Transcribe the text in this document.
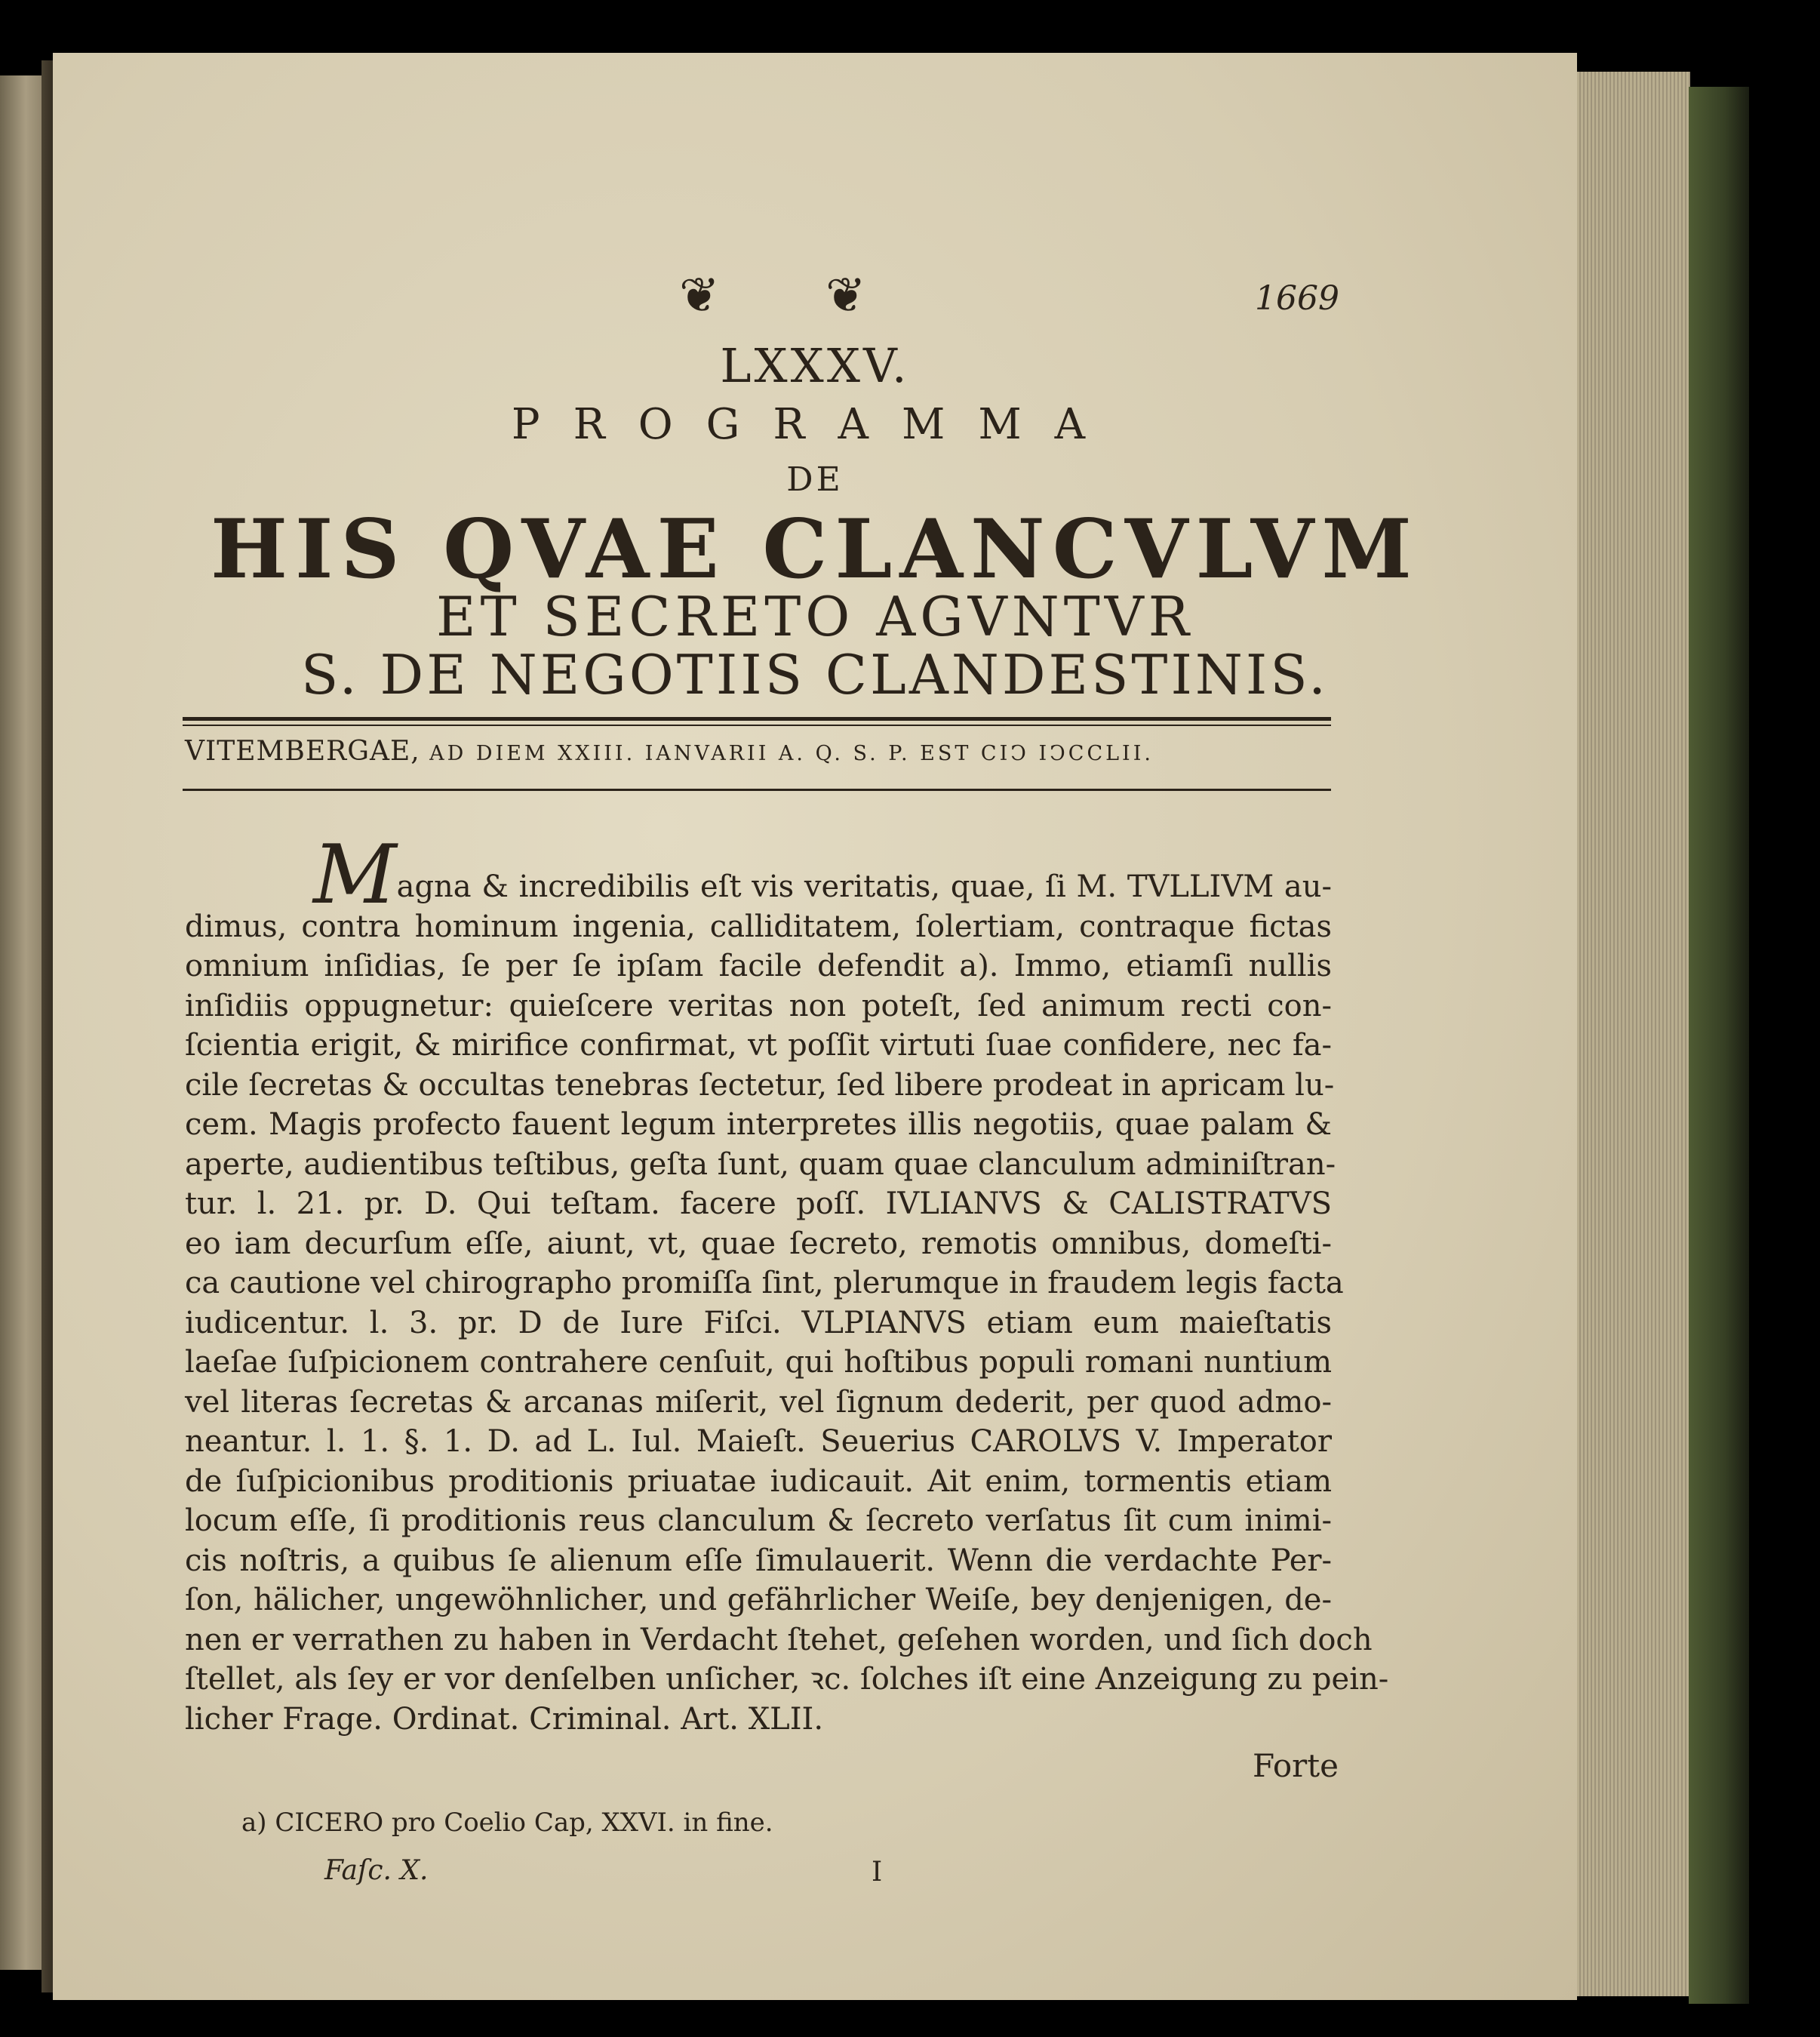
❦ ❦	1669
LXXXV.
PROGRAMMA
DE
HIS QVAE CLANCVLVM
ET SECRETO AGVNTVR
S. DE NEGOTIIS CLANDESTINIS.
VITEMBERGAE, AD DIEM XXIII. IANVARII A. Q. S. P. EST CIↃ IↃCCLII.
Magna & incredibilis eſt vis veritatis, quae, ſi M. TVLLIVM au-
dimus, contra hominum ingenia, calliditatem, ſolertiam, contraque fictas
omnium inſidias, ſe per ſe ipſam facile defendit a). Immo, etiamſi nullis
inſidiis oppugnetur: quieſcere veritas non poteſt, ſed animum recti con-
ſcientia erigit, & mirifice confirmat, vt poſſit virtuti ſuae confidere, nec fa-
cile ſecretas & occultas tenebras ſectetur, ſed libere prodeat in apricam lu-
cem. Magis profecto fauent legum interpretes illis negotiis, quae palam &
aperte, audientibus teſtibus, geſta ſunt, quam quae clanculum adminiſtran-
tur. l. 21. pr. D. Qui teſtam. facere poſſ. IVLIANVS & CALISTRATVS
eo iam decurſum eſſe, aiunt, vt, quae ſecreto, remotis omnibus, domeſti-
ca cautione vel chirographo promiſſa ſint, plerumque in fraudem legis facta
iudicentur. l. 3. pr. D de Iure Fiſci. VLPIANVS etiam eum maieſtatis
laeſae ſuſpicionem contrahere cenſuit, qui hoſtibus populi romani nuntium
vel literas ſecretas & arcanas miſerit, vel ſignum dederit, per quod admo-
neantur. l. 1. §. 1. D. ad L. Iul. Maieſt. Seuerius CAROLVS V. Imperator
de ſuſpicionibus proditionis priuatae iudicauit. Ait enim, tormentis etiam
locum eſſe, ſi proditionis reus clanculum & ſecreto verſatus ſit cum inimi-
cis noſtris, a quibus ſe alienum eſſe ſimulauerit. Wenn die verdachte Per-
ſon, hälicher, ungewöhnlicher, und gefährlicher Weiſe, bey denjenigen, de-
nen er verrathen zu haben in Verdacht ſtehet, geſehen worden, und ſich doch
ſtellet, als ſey er vor denſelben unſicher, ꝛc. ſolches iſt eine Anzeigung zu pein-
licher Frage. Ordinat. Criminal. Art. XLII.
Forte
a) CICERO pro Coelio Cap, XXVI. in fine.
Faſc. X.	I
